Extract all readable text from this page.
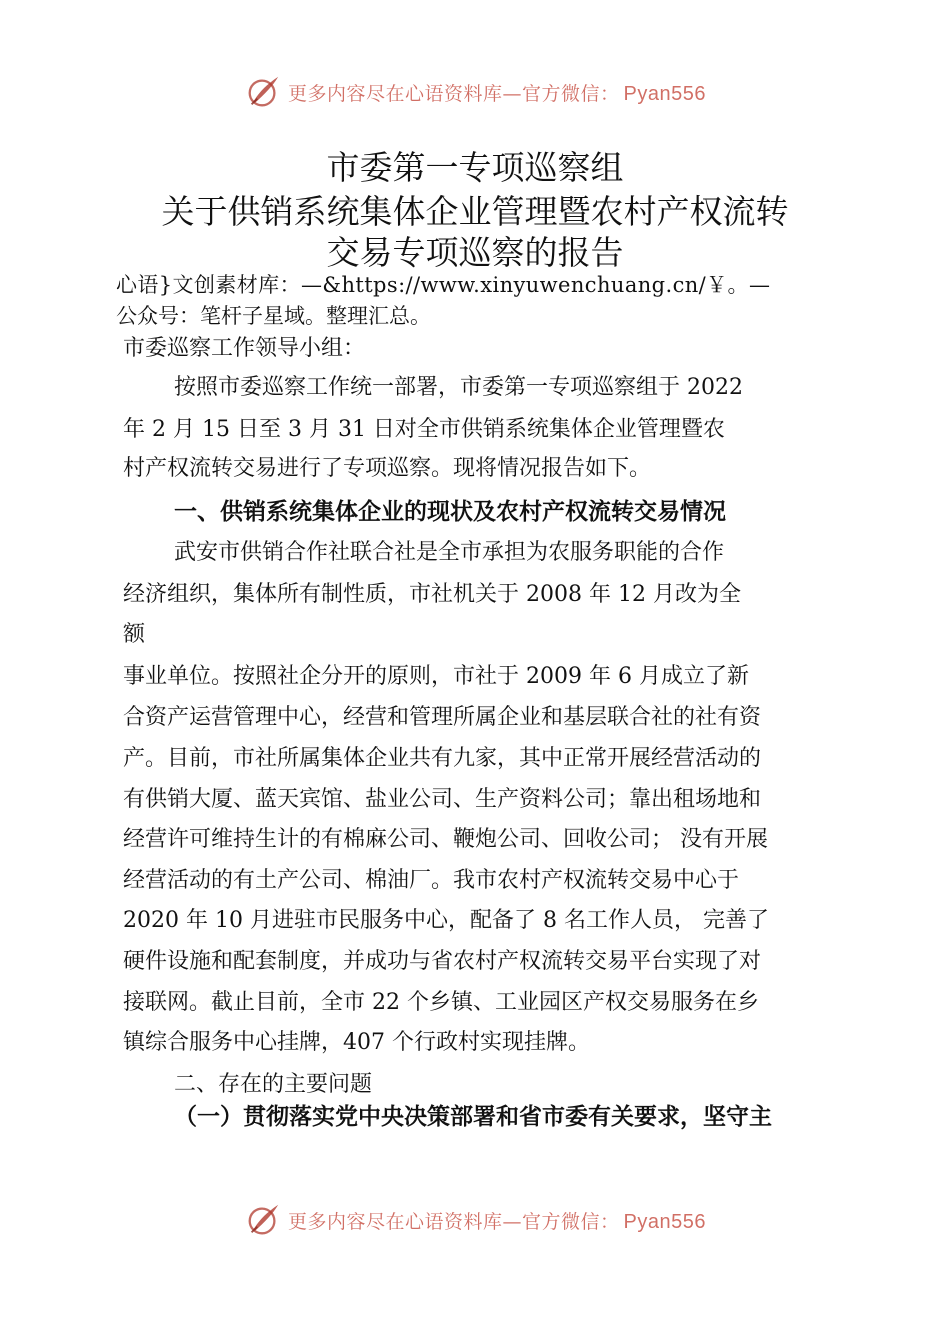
更多内容尽在心语资料库—官方微信： Pyan556
市委第一专项巡察组
关于供销系统集体企业管理暨农村产权流转
交易专项巡察的报告
心语}文创素材库：—&https://www.xinyuwenchuang.cn/￥。—
公众号：笔杆子星域。整理汇总。
市委巡察工作领导小组：
按照市委巡察工作统一部署，市委第一专项巡察组于 2022
年 2 月 15 日至 3 月 31 日对全市供销系统集体企业管理暨农
村产权流转交易进行了专项巡察。现将情况报告如下。
一、供销系统集体企业的现状及农村产权流转交易情况
武安市供销合作社联合社是全市承担为农服务职能的合作
经济组织，集体所有制性质，市社机关于 2008 年 12 月改为全
额
事业单位。按照社企分开的原则，市社于 2009 年 6 月成立了新
合资产运营管理中心，经营和管理所属企业和基层联合社的社有资
产。目前，市社所属集体企业共有九家，其中正常开展经营活动的
有供销大厦、蓝天宾馆、盐业公司、生产资料公司；靠出租场地和
经营许可维持生计的有棉麻公司、鞭炮公司、回收公司； 没有开展
经营活动的有土产公司、棉油厂。我市农村产权流转交易中心于
2020 年 10 月进驻市民服务中心，配备了 8 名工作人员， 完善了
硬件设施和配套制度，并成功与省农村产权流转交易平台实现了对
接联网。截止目前，全市 22 个乡镇、工业园区产权交易服务在乡
镇综合服务中心挂牌，407 个行政村实现挂牌。
二、存在的主要问题
（一）贯彻落实党中央决策部署和省市委有关要求，坚守主
更多内容尽在心语资料库—官方微信： Pyan556
